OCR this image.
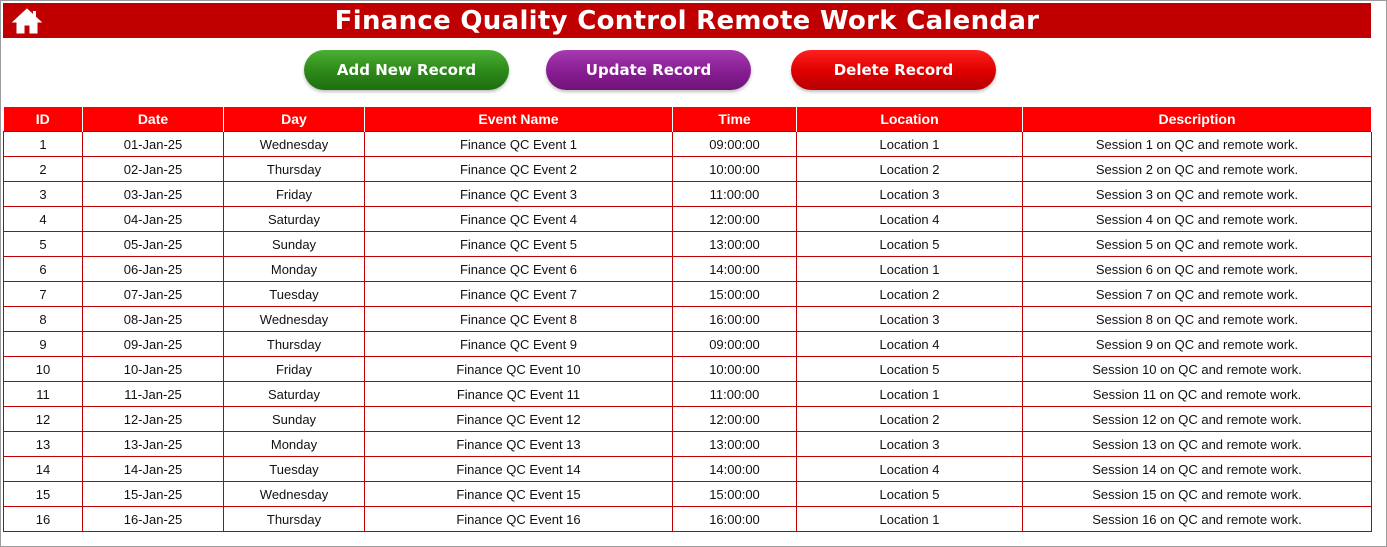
Finance Quality Control Remote Work Calendar
Add New Record	Update Record	Delete Record
ID	Date	Day	Event Name	Time	Location	Description
1	01-Jan-25	Wednesday	Finance QC Event 1	09:00:00	Location 1	Session 1 on QC and remote work.
2	02-Jan-25	Thursday	Finance QC Event 2	10:00:00	Location 2	Session 2 on QC and remote work.
3	03-Jan-25	Friday	Finance QC Event 3	11:00:00	Location 3	Session 3 on QC and remote work.
4	04-Jan-25	Saturday	Finance QC Event 4	12:00:00	Location 4	Session 4 on QC and remote work.
5	05-Jan-25	Sunday	Finance QC Event 5	13:00:00	Location 5	Session 5 on QC and remote work.
6	06-Jan-25	Monday	Finance QC Event 6	14:00:00	Location 1	Session 6 on QC and remote work.
7	07-Jan-25	Tuesday	Finance QC Event 7	15:00:00	Location 2	Session 7 on QC and remote work.
8	08-Jan-25	Wednesday	Finance QC Event 8	16:00:00	Location 3	Session 8 on QC and remote work.
9	09-Jan-25	Thursday	Finance QC Event 9	09:00:00	Location 4	Session 9 on QC and remote work.
10	10-Jan-25	Friday	Finance QC Event 10	10:00:00	Location 5	Session 10 on QC and remote work.
11	11-Jan-25	Saturday	Finance QC Event 11	11:00:00	Location 1	Session 11 on QC and remote work.
12	12-Jan-25	Sunday	Finance QC Event 12	12:00:00	Location 2	Session 12 on QC and remote work.
13	13-Jan-25	Monday	Finance QC Event 13	13:00:00	Location 3	Session 13 on QC and remote work.
14	14-Jan-25	Tuesday	Finance QC Event 14	14:00:00	Location 4	Session 14 on QC and remote work.
15	15-Jan-25	Wednesday	Finance QC Event 15	15:00:00	Location 5	Session 15 on QC and remote work.
16	16-Jan-25	Thursday	Finance QC Event 16	16:00:00	Location 1	Session 16 on QC and remote work.
